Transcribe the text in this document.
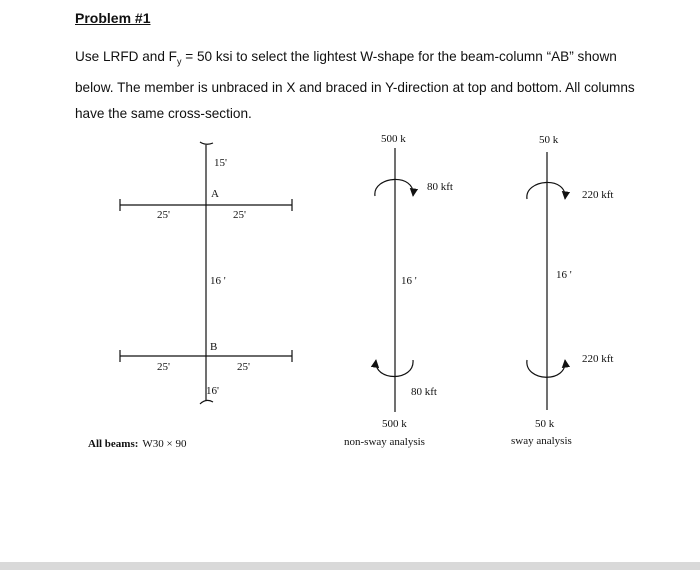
Problem #1
Use LRFD and $F_y = 50$ ksi to select the lightest W-shape for the beam-column “AB” shown below. The member is unbraced in X and braced in Y-direction at top and bottom. All columns have the same cross-section.
15'
A
25'	25'
16 '
B
25'	25'
16'
All beams: W30 × 90
500 k
80 kft
16 '
80 kft
500 k
non-sway analysis
50 k
220 kft
16 '
220 kft
50 k
sway analysis
